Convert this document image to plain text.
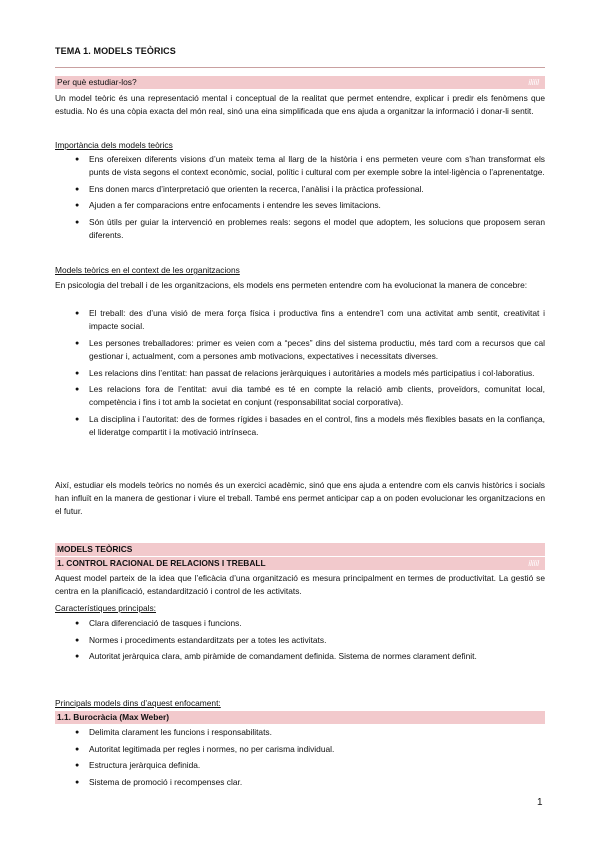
TEMA 1. MODELS TEÒRICS
Per què estudiar-los?	ililil
Un model teòric és una representació mental i conceptual de la realitat que permet entendre, explicar i predir els fenòmens que estudia. No és una còpia exacta del món real, sinó una eina simplificada que ens ajuda a organitzar la informació i donar-li sentit.
Importància dels models teòrics
● Ens ofereixen diferents visions d’un mateix tema al llarg de la història i ens permeten veure com s’han transformat els punts de vista segons el context econòmic, social, polític i cultural com per exemple sobre la intel·ligència o l’aprenentatge.
● Ens donen marcs d’interpretació que orienten la recerca, l’anàlisi i la pràctica professional.
● Ajuden a fer comparacions entre enfocaments i entendre les seves limitacions.
● Són útils per guiar la intervenció en problemes reals: segons el model que adoptem, les solucions que proposem seran diferents.
Models teòrics en el context de les organitzacions
En psicologia del treball i de les organitzacions, els models ens permeten entendre com ha evolucionat la manera de concebre:
● El treball: des d’una visió de mera força física i productiva fins a entendre’l com una activitat amb sentit, creativitat i impacte social.
● Les persones treballadores: primer es veien com a “peces” dins del sistema productiu, més tard com a recursos que cal gestionar i, actualment, com a persones amb motivacions, expectatives i necessitats diverses.
● Les relacions dins l’entitat: han passat de relacions jeràrquiques i autoritàries a models més participatius i col·laboratius.
● Les relacions fora de l’entitat: avui dia també es té en compte la relació amb clients, proveïdors, comunitat local, competència i fins i tot amb la societat en conjunt (responsabilitat social corporativa).
● La disciplina i l’autoritat: des de formes rígides i basades en el control, fins a models més flexibles basats en la confiança, el lideratge compartit i la motivació intrínseca.
Així, estudiar els models teòrics no només és un exercici acadèmic, sinó que ens ajuda a entendre com els canvis històrics i socials han influït en la manera de gestionar i viure el treball. També ens permet anticipar cap a on poden evolucionar les organitzacions en el futur.
MODELS TEÒRICS
1. CONTROL RACIONAL DE RELACIONS I TREBALL	ililil
Aquest model parteix de la idea que l’eficàcia d’una organització es mesura principalment en termes de productivitat. La gestió se centra en la planificació, estandardització i control de les activitats.
Característiques principals:
● Clara diferenciació de tasques i funcions.
● Normes i procediments estandarditzats per a totes les activitats.
● Autoritat jeràrquica clara, amb piràmide de comandament definida. Sistema de normes clarament definit.
Principals models dins d’aquest enfocament:
1.1. Burocràcia (Max Weber)
● Delimita clarament les funcions i responsabilitats.
● Autoritat legitimada per regles i normes, no per carisma individual.
● Estructura jeràrquica definida.
● Sistema de promoció i recompenses clar.
1
